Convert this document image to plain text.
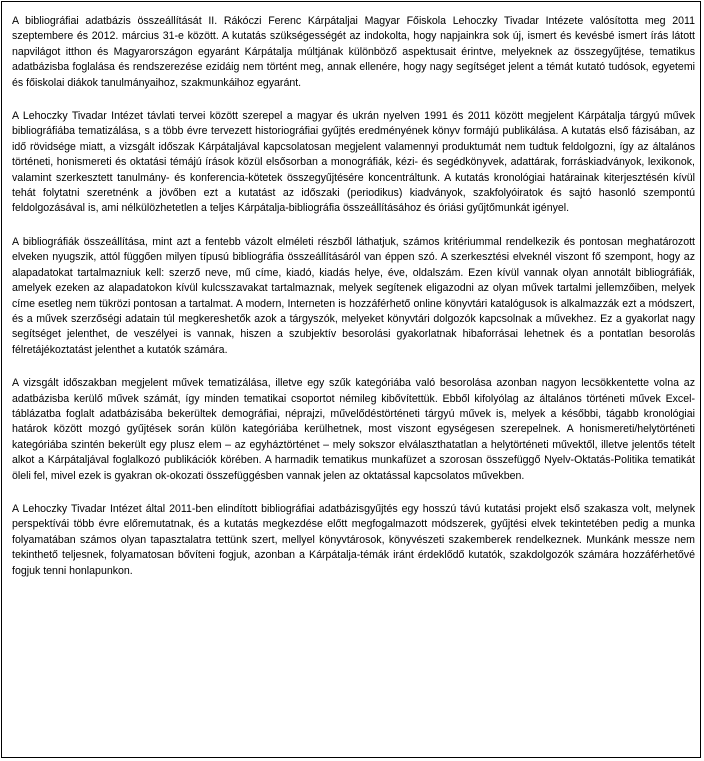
A bibliográfiai adatbázis összeállítását II. Rákóczi Ferenc Kárpátaljai Magyar Főiskola Lehoczky Tivadar Intézete valósította meg 2011 szeptembere és 2012. március 31-e között. A kutatás szükségességét az indokolta, hogy napjainkra sok új, ismert és kevésbé ismert írás látott napvilágot itthon és Magyarországon egyaránt Kárpátalja múltjának különböző aspektusait érintve, melyeknek az összegyűjtése, tematikus adatbázisba foglalása és rendszerezése ezidáig nem történt meg, annak ellenére, hogy nagy segítséget jelent a témát kutató tudósok, egyetemi és főiskolai diákok tanulmányaihoz, szakmunkáihoz egyaránt.

A Lehoczky Tivadar Intézet távlati tervei között szerepel a magyar és ukrán nyelven 1991 és 2011 között megjelent Kárpátalja tárgyú művek bibliográfiába tematizálása, s a több évre tervezett historiográfiai gyűjtés eredményének könyv formájú publikálása. A kutatás első fázisában, az idő rövidsége miatt, a vizsgált időszak Kárpátaljával kapcsolatosan megjelent valamennyi produktumát nem tudtuk feldolgozni, így az általános történeti, honismereti és oktatási témájú írások közül elsősorban a monográfiák, kézi- és segédkönyvek, adattárak, forráskiadványok, lexikonok, valamint szerkesztett tanulmány- és konferencia-kötetek összegyűjtésére koncentráltunk. A kutatás kronológiai határainak kiterjesztésén kívül tehát folytatni szeretnénk a jövőben ezt a kutatást az időszaki (periodikus) kiadványok, szakfolyóiratok és sajtó hasonló szempontú feldolgozásával is, ami nélkülözhetetlen a teljes Kárpátalja-bibliográfia összeállításához és óriási gyűjtőmunkát igényel.

A bibliográfiák összeállítása, mint azt a fentebb vázolt elméleti részből láthatjuk, számos kritériummal rendelkezik és pontosan meghatározott elveken nyugszik, attól függően milyen típusú bibliográfia összeállításáról van éppen szó. A szerkesztési elveknél viszont fő szempont, hogy az alapadatokat tartalmazniuk kell: szerző neve, mű címe, kiadó, kiadás helye, éve, oldalszám. Ezen kívül vannak olyan annotált bibliográfiák, amelyek ezeken az alapadatokon kívül kulcsszavakat tartalmaznak, melyek segítenek eligazodni az olyan művek tartalmi jellemzőiben, melyek címe esetleg nem tükrözi pontosan a tartalmat. A modern, Interneten is hozzáférhető online könyvtári katalógusok is alkalmazzák ezt a módszert, és a művek szerzőségi adatain túl megkereshetők azok a tárgyszók, melyeket könyvtári dolgozók kapcsolnak a művekhez. Ez a gyakorlat nagy segítséget jelenthet, de veszélyei is vannak, hiszen a szubjektív besorolási gyakorlatnak hibaforrásai lehetnek és a pontatlan besorolás félretájékoztatást jelenthet a kutatók számára.

A vizsgált időszakban megjelent művek tematizálása, illetve egy szűk kategóriába való besorolása azonban nagyon lecsökkentette volna az adatbázisba kerülő művek számát, így minden tematikai csoportot némileg kibővítettük. Ebből kifolyólag az általános történeti művek Excel-táblázatba foglalt adatbázisába bekerültek demográfiai, néprajzi, művelődéstörténeti tárgyú művek is, melyek a későbbi, tágabb kronológiai határok között mozgó gyűjtések során külön kategóriába kerülhetnek, most viszont egységesen szerepelnek. A honismereti/helytörténeti kategóriába szintén bekerült egy plusz elem – az egyháztörténet – mely sokszor elválaszthatatlan a helytörténeti művektől, illetve jelentős tételt alkot a Kárpátaljával foglalkozó publikációk körében. A harmadik tematikus munkafüzet a szorosan összefüggő Nyelv-Oktatás-Politika tematikát öleli fel, mivel ezek is gyakran ok-okozati összefüggésben vannak jelen az oktatással kapcsolatos művekben.

A Lehoczky Tivadar Intézet által 2011-ben elindított bibliográfiai adatbázisgyűjtés egy hosszú távú kutatási projekt első szakasza volt, melynek perspektívái több évre előremutatnak, és a kutatás megkezdése előtt megfogalmazott módszerek, gyűjtési elvek tekintetében pedig a munka folyamatában számos olyan tapasztalatra tettünk szert, mellyel könyvtárosok, könyvészeti szakemberek rendelkeznek. Munkánk messze nem tekinthető teljesnek, folyamatosan bővíteni fogjuk, azonban a Kárpátalja-témák iránt érdeklődő kutatók, szakdolgozók számára hozzáférhetővé fogjuk tenni honlapunkon.
